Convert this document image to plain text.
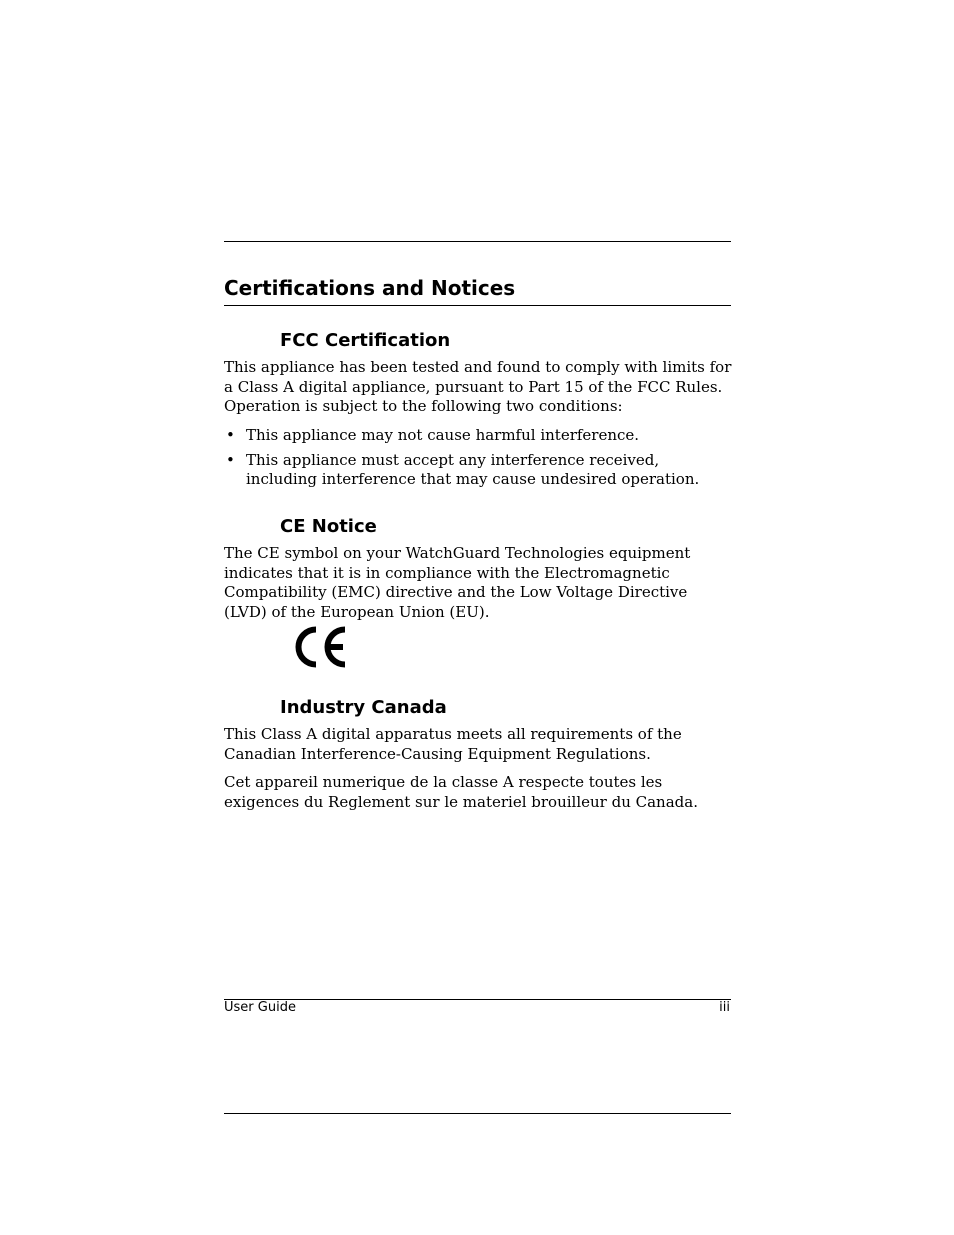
Certifications and Notices
FCC Certification

This appliance has been tested and found to comply with limits for a Class A digital appliance, pursuant to Part 15 of the FCC Rules. Operation is subject to the following two conditions:

• This appliance may not cause harmful interference.
• This appliance must accept any interference received, including interference that may cause undesired operation.
CE Notice

The CE symbol on your WatchGuard Technologies equipment indicates that it is in compliance with the Electromagnetic Compatibility (EMC) directive and the Low Voltage Directive (LVD) of the European Union (EU).

Industry Canada

This Class A digital apparatus meets all requirements of the Canadian Interference-Causing Equipment Regulations.

Cet appareil numerique de la classe A respecte toutes les exigences du Reglement sur le materiel brouilleur du Canada.

User Guide	iii
